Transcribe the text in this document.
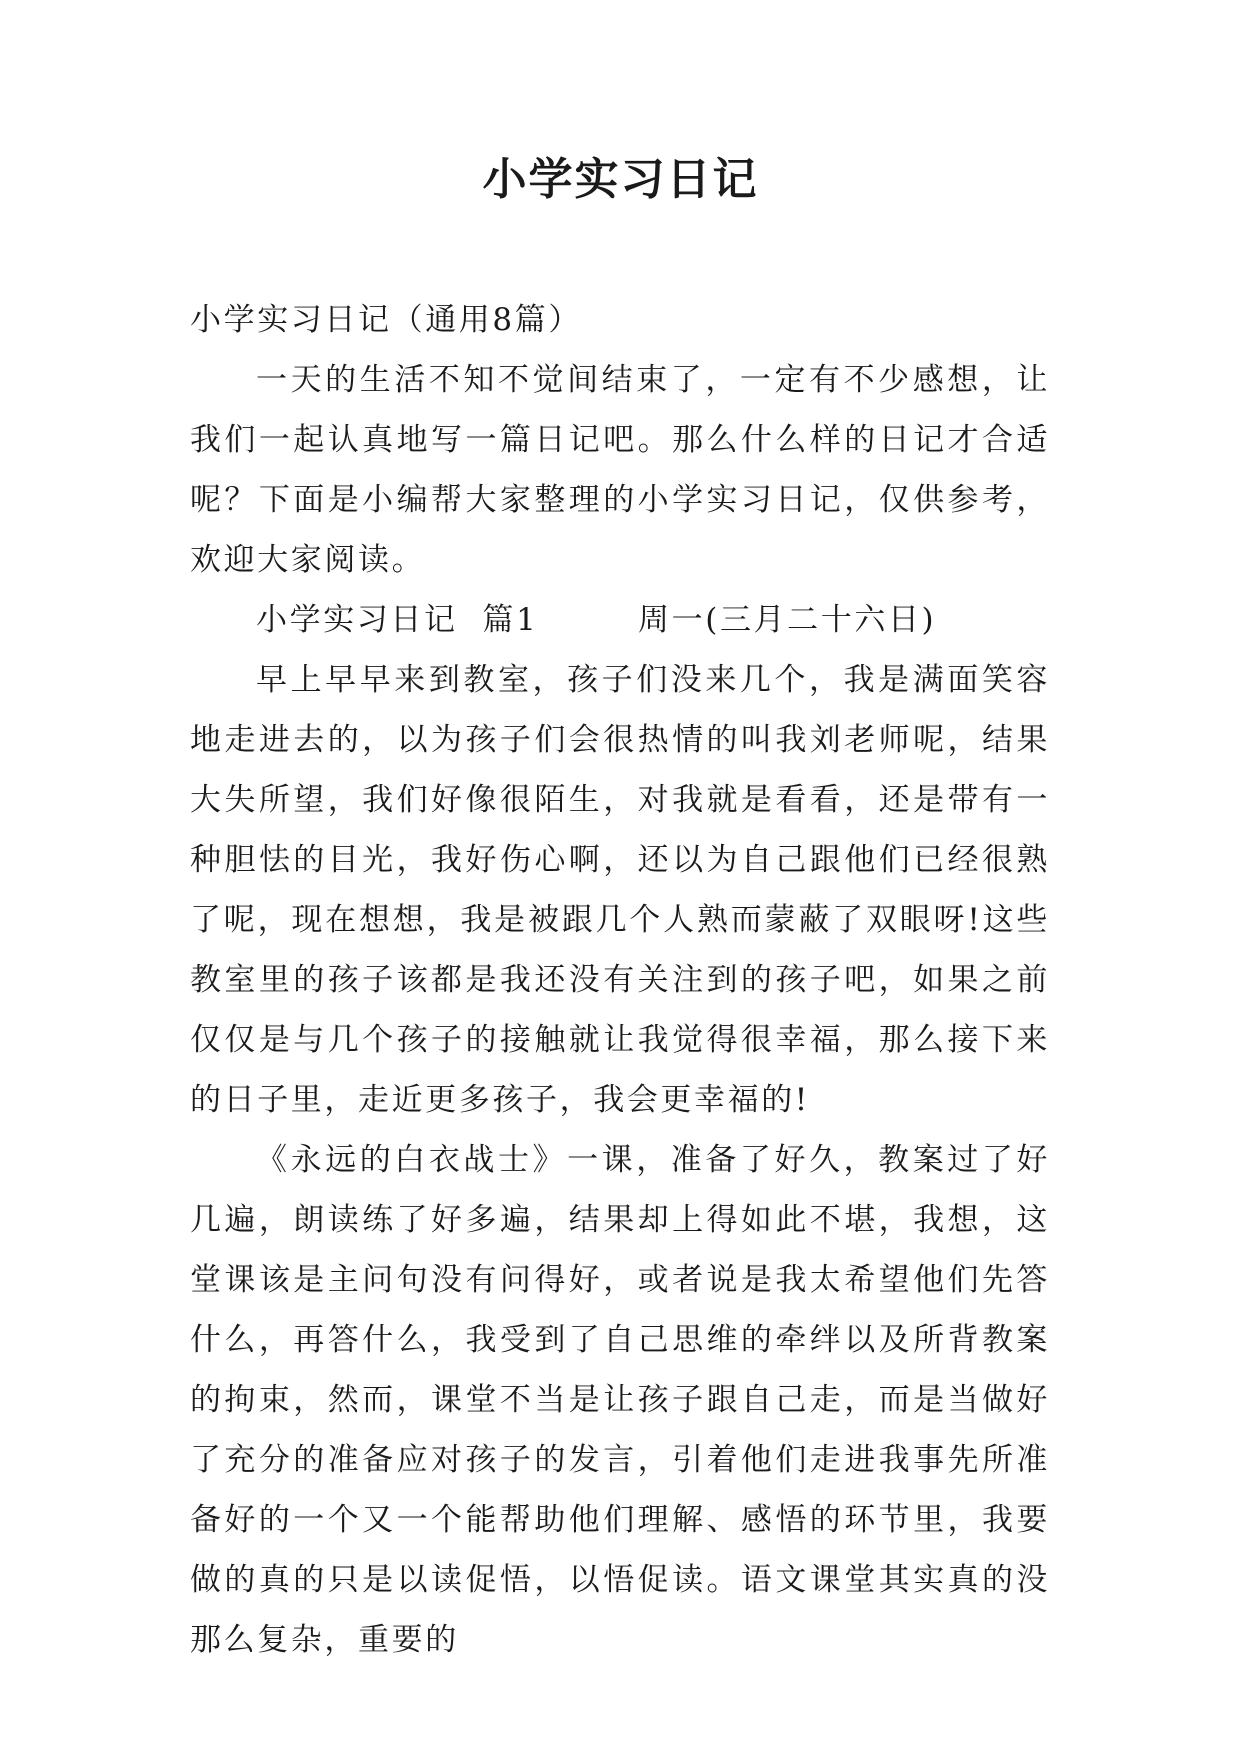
小学实习日记

小学实习日记（通用8篇）

一天的生活不知不觉间结束了，一定有不少感想，让我们一起认真地写一篇日记吧。那么什么样的日记才合适呢？下面是小编帮大家整理的小学实习日记，仅供参考，欢迎大家阅读。

小学实习日记  篇1        周一(三月二十六日)

早上早早来到教室，孩子们没来几个，我是满面笑容地走进去的，以为孩子们会很热情的叫我刘老师呢，结果大失所望，我们好像很陌生，对我就是看看，还是带有一种胆怯的目光，我好伤心啊，还以为自己跟他们已经很熟了呢，现在想想，我是被跟几个人熟而蒙蔽了双眼呀!这些教室里的孩子该都是我还没有关注到的孩子吧，如果之前仅仅是与几个孩子的接触就让我觉得很幸福，那么接下来的日子里，走近更多孩子，我会更幸福的!

《永远的白衣战士》一课，准备了好久，教案过了好几遍，朗读练了好多遍，结果却上得如此不堪，我想，这堂课该是主问句没有问得好，或者说是我太希望他们先答什么，再答什么，我受到了自己思维的牵绊以及所背教案的拘束，然而，课堂不当是让孩子跟自己走，而是当做好了充分的准备应对孩子的发言，引着他们走进我事先所准备好的一个又一个能帮助他们理解、感悟的环节里，我要做的真的只是以读促悟，以悟促读。语文课堂其实真的没那么复杂，重要的
